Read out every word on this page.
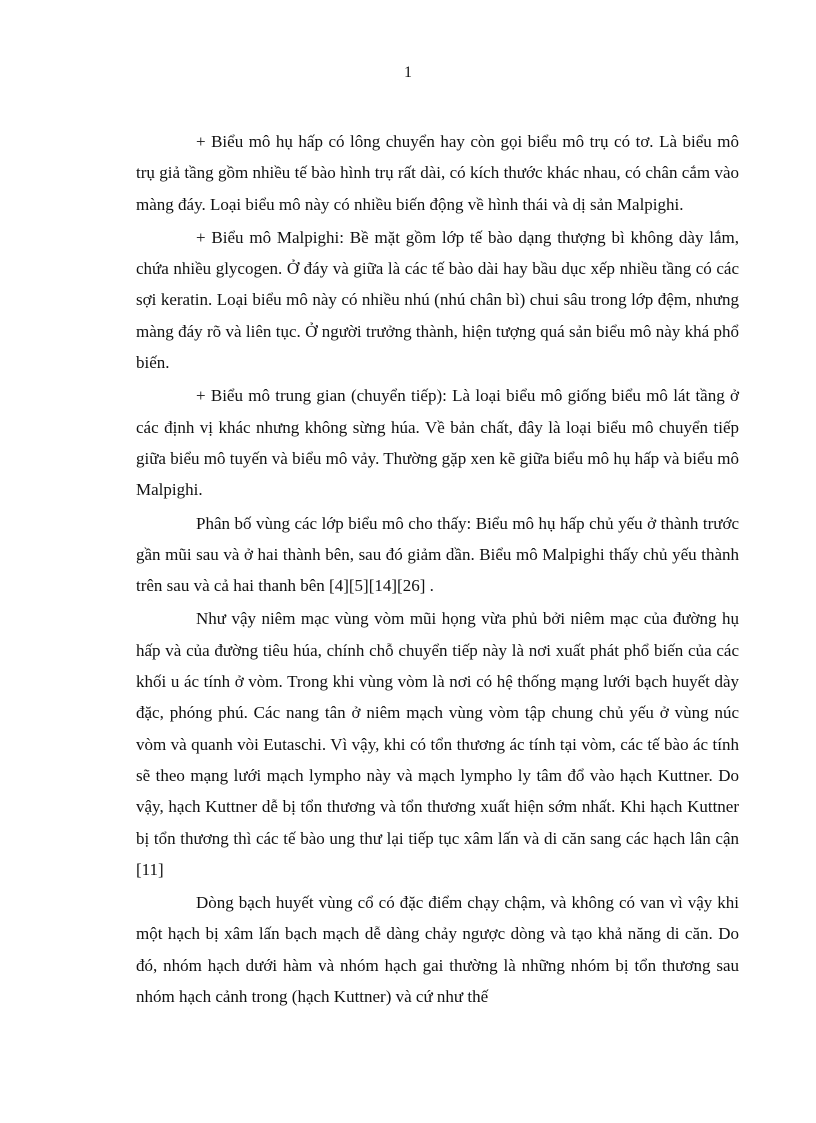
1

+ Biểu mô hụ hấp có lông chuyển hay còn gọi biểu mô trụ có tơ. Là biểu mô trụ giả tầng gồm nhiều tế bào hình trụ rất dài, có kích thước khác nhau, có chân cắm vào màng đáy. Loại biểu mô này có nhiều biến động về hình thái và dị sản Malpighi.

+ Biểu mô Malpighi: Bề mặt gồm lớp tế bào dạng thượng bì không dày lắm, chứa nhiều glycogen. Ở đáy và giữa là các tế bào dài hay bầu dục xếp nhiều tầng có các sợi keratin. Loại biểu mô này có nhiều nhú (nhú chân bì) chui sâu trong lớp đệm, nhưng màng đáy rõ và liên tục. Ở người trưởng thành, hiện tượng quá sản biểu mô này khá phổ biến.

+ Biểu mô trung gian (chuyển tiếp): Là loại biểu mô giống biểu mô lát tầng ở các định vị khác nhưng không sừng húa. Về bản chất, đây là loại biểu mô chuyển tiếp giữa biểu mô tuyến và biểu mô vảy. Thường gặp xen kẽ giữa biểu mô hụ hấp và biểu mô Malpighi.

Phân bố vùng các lớp biểu mô cho thấy: Biểu mô hụ hấp chủ yếu ở thành trước gần mũi sau và ở hai thành bên, sau đó giảm dần. Biểu mô Malpighi thấy chủ yếu thành trên sau và cả hai thanh bên [4][5][14][26] .

Như vậy niêm mạc vùng vòm mũi họng vừa phủ bởi niêm mạc của đường hụ hấp và của đường tiêu húa, chính chỗ chuyển tiếp này là nơi xuất phát phổ biến của các khối u ác tính ở vòm. Trong khi vùng vòm là nơi có hệ thống mạng lưới bạch huyết dày đặc, phóng phú. Các nang tân ở niêm mạch vùng vòm tập chung chủ yếu ở vùng núc vòm và quanh vòi Eutaschi. Vì vậy, khi có tổn thương ác tính tại vòm, các tế bào ác tính sẽ theo mạng lưới mạch lympho này và mạch lympho ly tâm đổ vào hạch Kuttner. Do vậy, hạch Kuttner dễ bị tổn thương và tổn thương xuất hiện sớm nhất. Khi hạch Kuttner bị tổn thương thì các tế bào ung thư lại tiếp tục xâm lấn và di căn sang các hạch lân cận [11]

Dòng bạch huyết vùng cổ có đặc điểm chạy chậm, và không có van vì vậy khi một hạch bị xâm lấn bạch mạch dễ dàng chảy ngược dòng và tạo khả năng di căn. Do đó, nhóm hạch dưới hàm và nhóm hạch gai thường là những nhóm bị tổn thương sau nhóm hạch cảnh trong (hạch Kuttner) và cứ như thế
